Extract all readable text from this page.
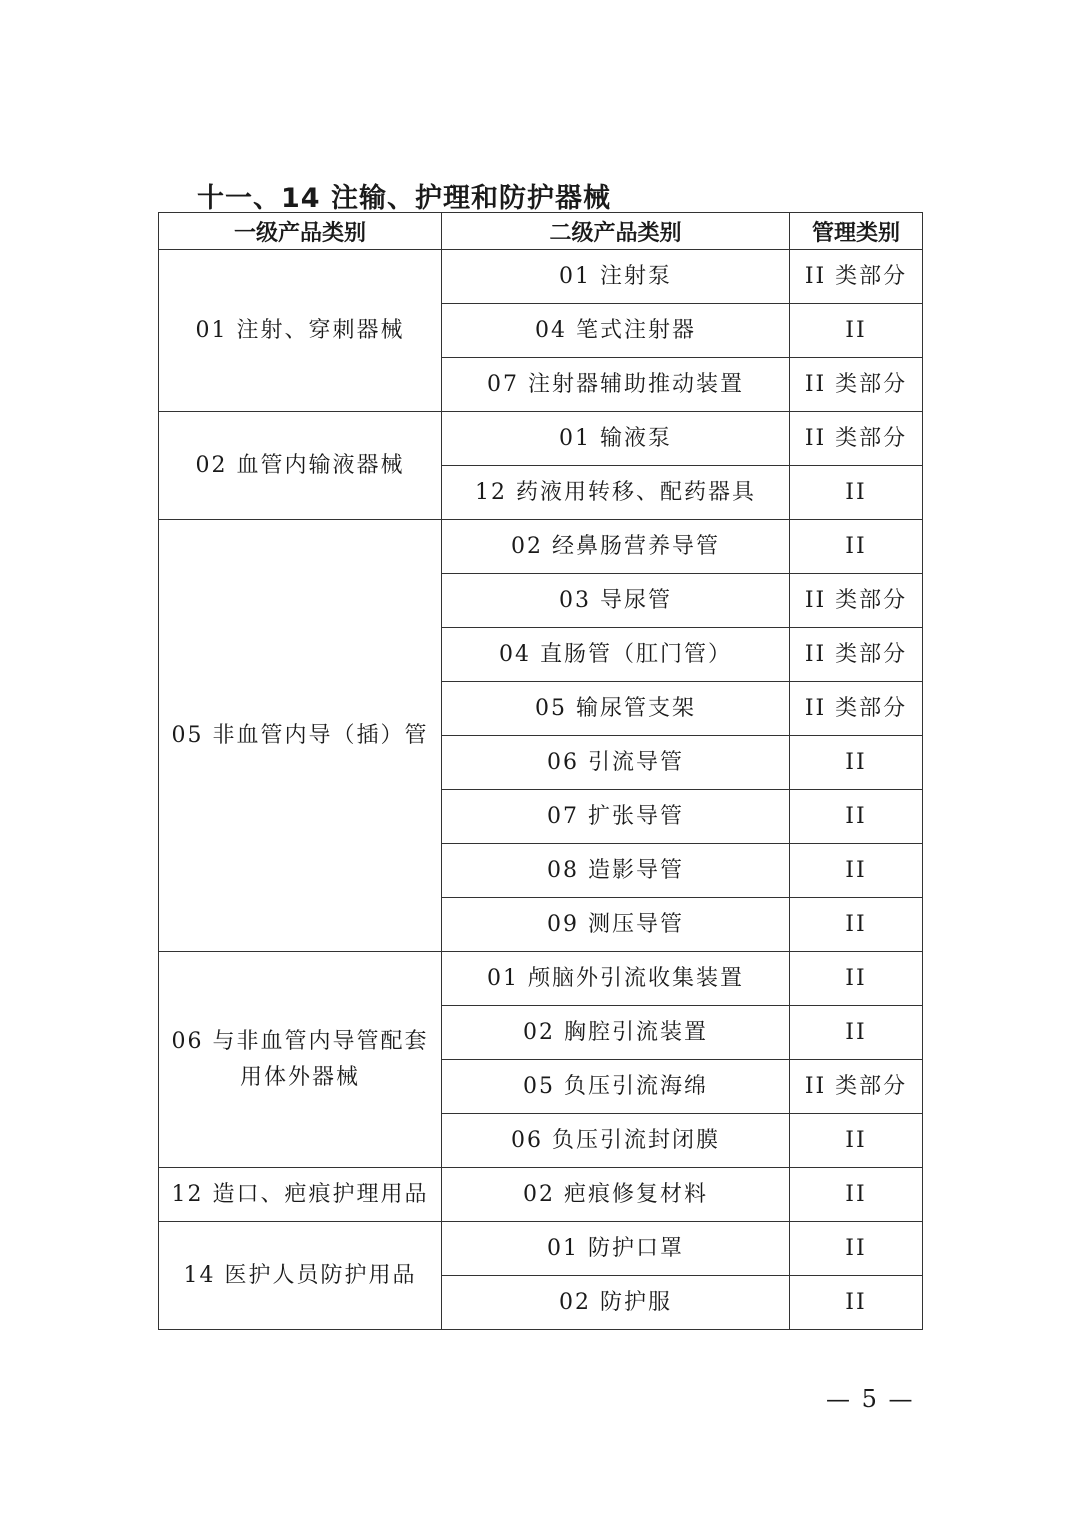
十一、14 注输、护理和防护器械
一级产品类别	二级产品类别	管理类别
01 注射、穿刺器械	01 注射泵	II 类部分
	04 笔式注射器	II
	07 注射器辅助推动装置	II 类部分
02 血管内输液器械	01 输液泵	II 类部分
	12 药液用转移、配药器具	II
05 非血管内导（插）管	02 经鼻肠营养导管	II
	03 导尿管	II 类部分
	04 直肠管（肛门管）	II 类部分
	05 输尿管支架	II 类部分
	06 引流导管	II
	07 扩张导管	II
	08 造影导管	II
	09 测压导管	II
06 与非血管内导管配套用体外器械	01 颅脑外引流收集装置	II
	02 胸腔引流装置	II
	05 负压引流海绵	II 类部分
	06 负压引流封闭膜	II
12 造口、疤痕护理用品	02 疤痕修复材料	II
14 医护人员防护用品	01 防护口罩	II
	02 防护服	II
— 5 —
